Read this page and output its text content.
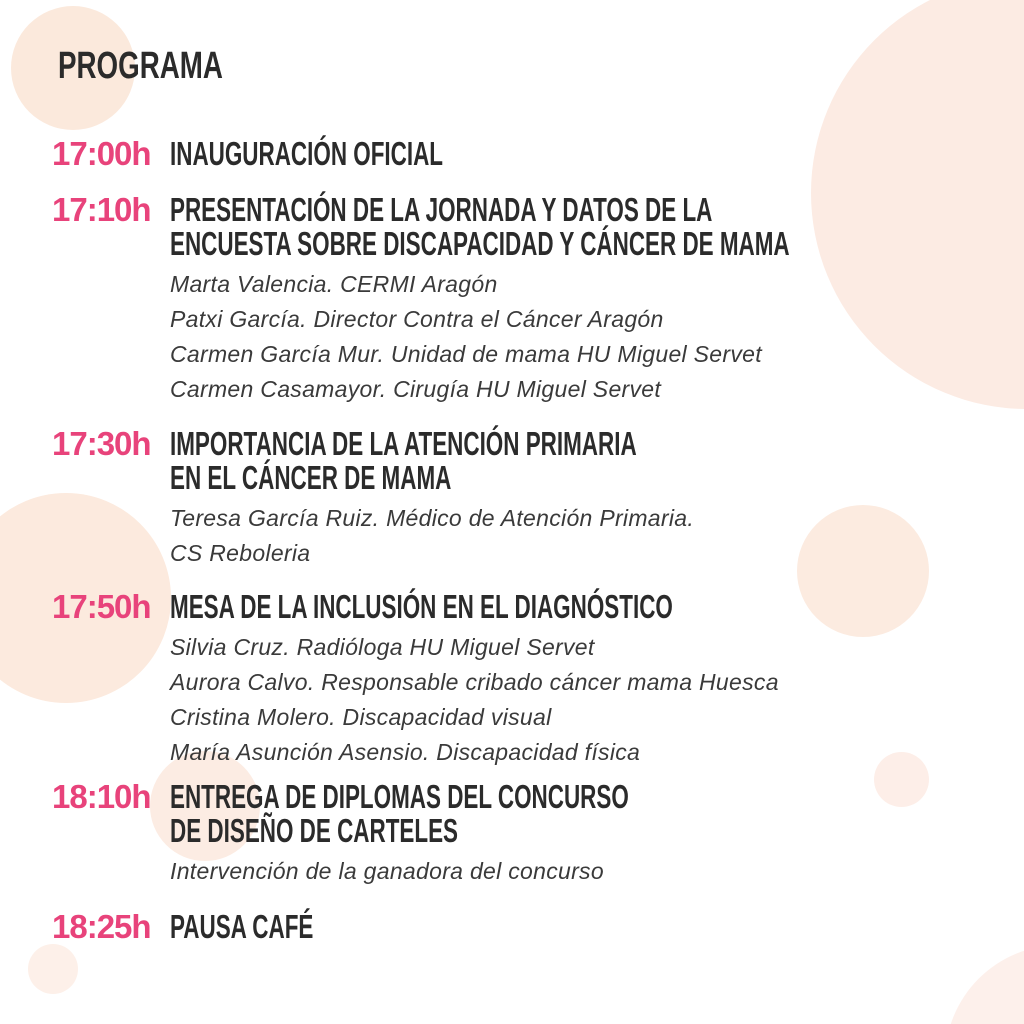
PROGRAMA
17:00h INAUGURACIÓN OFICIAL
17:10h PRESENTACIÓN DE LA JORNADA Y DATOS DE LA
ENCUESTA SOBRE DISCAPACIDAD Y CÁNCER DE MAMA
Marta Valencia. CERMI Aragón
Patxi García. Director Contra el Cáncer Aragón
Carmen García Mur. Unidad de mama HU Miguel Servet
Carmen Casamayor. Cirugía HU Miguel Servet
17:30h IMPORTANCIA DE LA ATENCIÓN PRIMARIA
EN EL CÁNCER DE MAMA
Teresa García Ruiz. Médico de Atención Primaria.
CS Reboleria
17:50h MESA DE LA INCLUSIÓN EN EL DIAGNÓSTICO
Silvia Cruz. Radióloga HU Miguel Servet
Aurora Calvo. Responsable cribado cáncer mama Huesca
Cristina Molero. Discapacidad visual
María Asunción Asensio. Discapacidad física
18:10h ENTREGA DE DIPLOMAS DEL CONCURSO
DE DISEÑO DE CARTELES
Intervención de la ganadora del concurso
18:25h PAUSA CAFÉ
